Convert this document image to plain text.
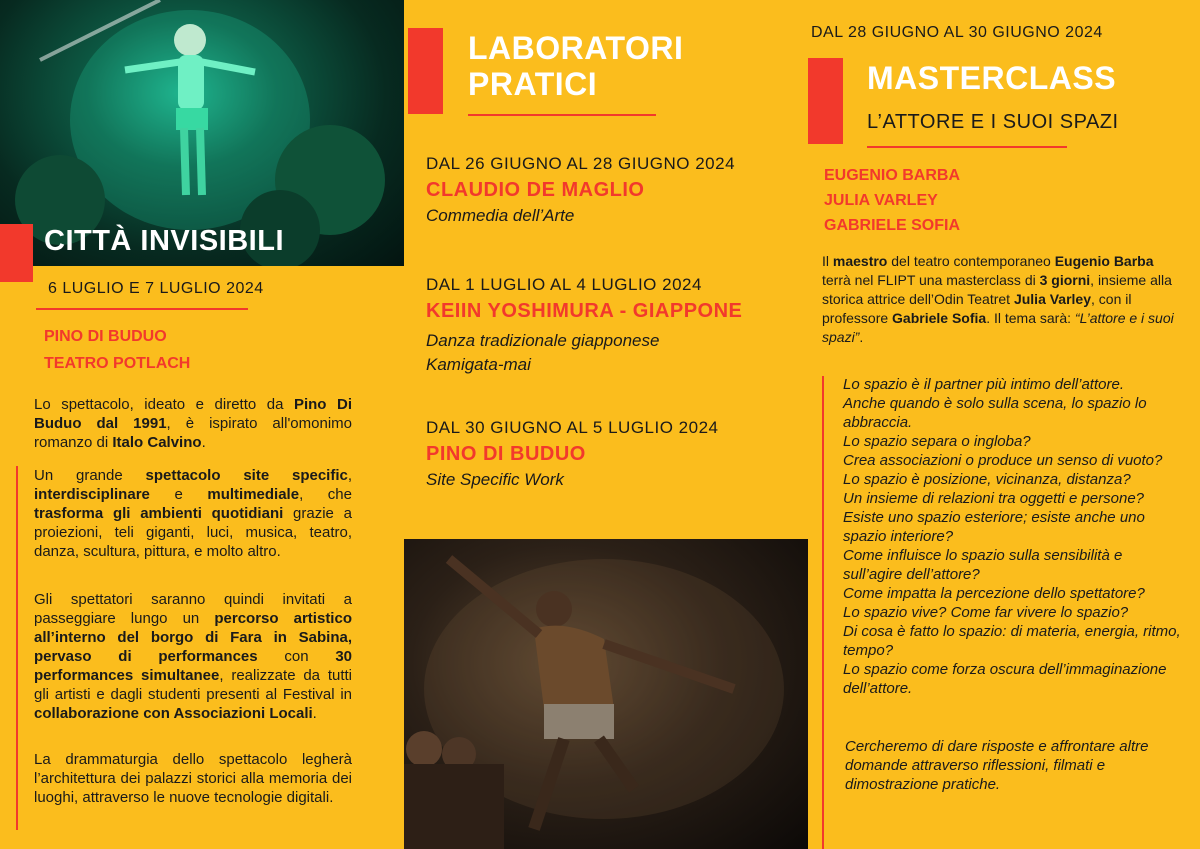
CITTÀ INVISIBILI
6 LUGLIO E 7 LUGLIO 2024
PINO DI BUDUO
TEATRO POTLACH
Lo spettacolo, ideato e diretto da Pino Di Buduo dal 1991, è ispirato all'omonimo romanzo di Italo Calvino.
Un grande spettacolo site specific, interdisciplinare e multimediale, che trasforma gli ambienti quotidiani grazie a proiezioni, teli giganti, luci, musica, teatro, danza, scultura, pittura, e molto altro.
Gli spettatori saranno quindi invitati a passeggiare lungo un percorso artistico all’interno del borgo di Fara in Sabina, pervaso di performances con 30 performances simultanee, realizzate da tutti gli artisti e dagli studenti presenti al Festival in collaborazione con Associazioni Locali.
La drammaturgia dello spettacolo legherà l’architettura dei palazzi storici alla memoria dei luoghi, attraverso le nuove tecnologie digitali.
LABORATORI
PRATICI
DAL 26 GIUGNO AL 28 GIUGNO 2024
CLAUDIO DE MAGLIO
Commedia dell’Arte
DAL 1 LUGLIO AL 4 LUGLIO 2024
KEIIN YOSHIMURA - GIAPPONE
Danza tradizionale giapponese
Kamigata-mai
DAL 30 GIUGNO AL 5 LUGLIO 2024
PINO DI BUDUO
Site Specific Work
DAL 28 GIUGNO AL 30 GIUGNO 2024
MASTERCLASS
L’ATTORE E I SUOI SPAZI
EUGENIO BARBA
JULIA VARLEY
GABRIELE SOFIA
Il maestro del teatro contemporaneo Eugenio Barba terrà nel FLIPT una masterclass di 3 giorni, insieme alla storica attrice dell’Odin Teatret Julia Varley, con il professore Gabriele Sofia. Il tema sarà: “L’attore e i suoi spazi”.
Lo spazio è il partner più intimo dell’attore.
Anche quando è solo sulla scena, lo spazio lo abbraccia.
Lo spazio separa o ingloba?
Crea associazioni o produce un senso di vuoto?
Lo spazio è posizione, vicinanza, distanza?
Un insieme di relazioni tra oggetti e persone?
Esiste uno spazio esteriore; esiste anche uno spazio interiore?
Come influisce lo spazio sulla sensibilità e sull’agire dell’attore?
Come impatta la percezione dello spettatore?
Lo spazio vive? Come far vivere lo spazio?
Di cosa è fatto lo spazio: di materia, energia, ritmo, tempo?
Lo spazio come forza oscura dell’immaginazione dell’attore.
Cercheremo di dare risposte e affrontare altre domande attraverso riflessioni, filmati e dimostrazione pratiche.
